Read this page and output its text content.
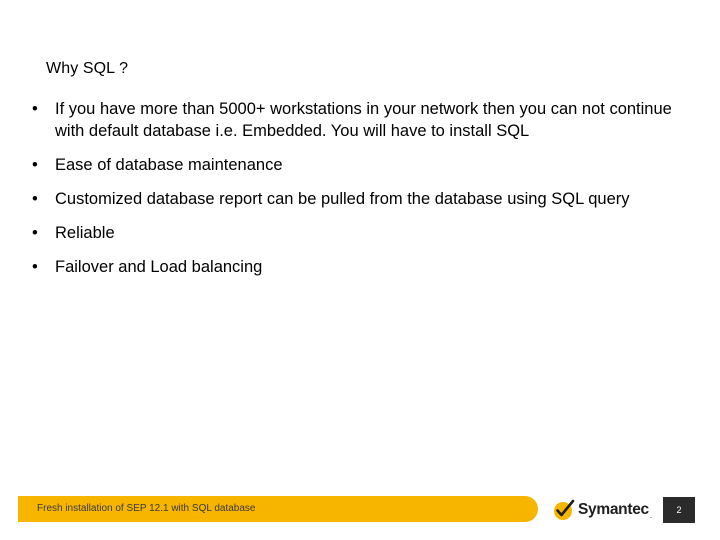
Why SQL ?
• If you have more than 5000+ workstations in your network then you can not continue with default database i.e. Embedded. You will have to install SQL
• Ease of database maintenance
• Customized database report can be pulled from the database using SQL query
• Reliable
• Failover and Load balancing
Fresh installation of SEP 12.1 with SQL database	Symantec .
2
